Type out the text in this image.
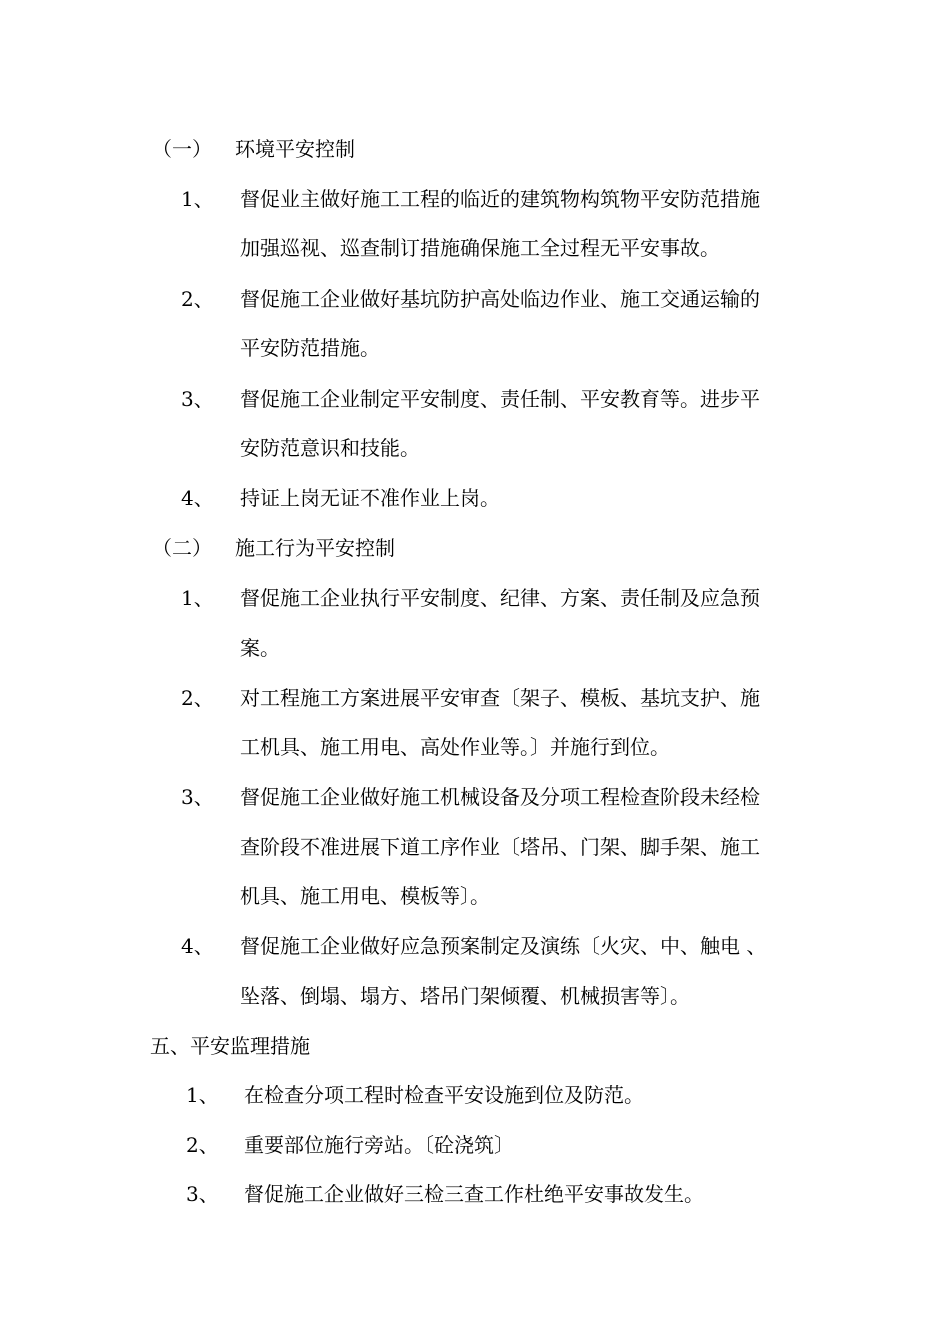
（一） 环境平安控制
1、 督促业主做好施工工程的临近的建筑物构筑物平安防范措施
加强巡视、巡查制订措施确保施工全过程无平安事故。
2、 督促施工企业做好基坑防护高处临边作业、施工交通运输的
平安防范措施。
3、 督促施工企业制定平安制度、责任制、平安教育等。进步平
安防范意识和技能。
4、 持证上岗无证不准作业上岗。
（二） 施工行为平安控制
1、 督促施工企业执行平安制度、纪律、方案、责任制及应急预
案。
2、 对工程施工方案进展平安审查〔架子、模板、基坑支护、施
工机具、施工用电、高处作业等。〕并施行到位。
3、 督促施工企业做好施工机械设备及分项工程检查阶段未经检
查阶段不准进展下道工序作业〔塔吊、门架、脚手架、施工
机具、施工用电、模板等〕。
4、 督促施工企业做好应急预案制定及演练〔火灾、中、触电 、
坠落、倒塌、塌方、塔吊门架倾覆、机械损害等〕。
五、平安监理措施
1、 在检查分项工程时检查平安设施到位及防范。
2、 重要部位施行旁站。〔砼浇筑〕
3、 督促施工企业做好三检三查工作杜绝平安事故发生。
